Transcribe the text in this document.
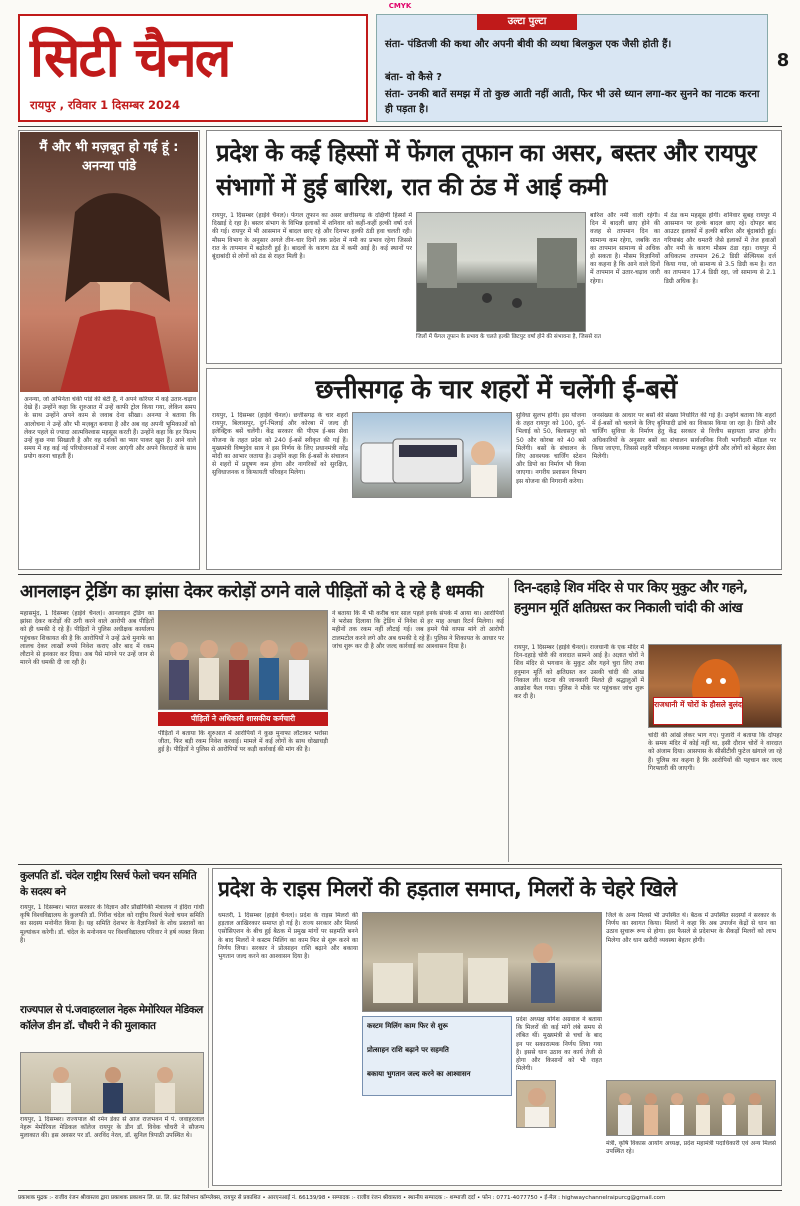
CMYK
सिटी चैनल
रायपुर , रविवार 1 दिसम्बर 2024
उल्टा पुल्टा
संता- पंडितजी की कथा और अपनी बीवी की व्यथा बिलकुल एक जैसी होती हैं।
बंता- वो कैसे ?
संता- उनकी बातें समझ में तो कुछ आती नहीं आती, फिर भी उसे ध्यान लगा-कर सुनने का नाटक करना ही पड़ता है।
8
मैं और भी मज़बूत हो गई हूं : अनन्या पांडे
अनन्या, जो अभिनेता चंकी पांडे की बेटी हैं, ने अपने करियर में कई उतार-चढ़ाव देखे हैं। उन्होंने कहा कि शुरुआत में उन्हें काफी ट्रोल किया गया, लेकिन समय के साथ उन्होंने अपने काम से जवाब देना सीखा। अनन्या ने बताया कि आलोचना ने उन्हें और भी मज़बूत बनाया है और अब वह अपनी भूमिकाओं को लेकर पहले से ज्यादा आत्मविश्वास महसूस करती हैं। उन्होंने कहा कि हर फिल्म उन्हें कुछ नया सिखाती है और वह दर्शकों का प्यार पाकर खुश हैं। आने वाले समय में वह कई नई परियोजनाओं में नजर आएंगी और अपने किरदारों के साथ प्रयोग करना चाहती हैं।
प्रदेश के कई हिस्सों में फेंगल तूफान का असर, बस्तर और रायपुर संभागों में हुई बारिश, रात की ठंड में आई कमी
रायपुर, 1 दिसम्बर (हाईवे चैनल)। फेंगल तूफान का असर छत्तीसगढ़ के दक्षिणी हिस्सों में दिखाई दे रहा है। बस्तर संभाग के विभिन्न इलाकों में शनिवार को कहीं-कहीं हल्की वर्षा दर्ज की गई। रायपुर में भी आसमान में बादल छाए रहे और दिनभर हल्की ठंडी हवा चलती रही। मौसम विभाग के अनुसार अगले तीन-चार दिनों तक प्रदेश में नमी का प्रभाव रहेगा जिससे रात के तापमान में बढ़ोतरी हुई है। बादलों के कारण ठंड में कमी आई है। कई स्थानों पर बूंदाबांदी से लोगों को ठंड से राहत मिली है।
बारिश और नमी वाली रहेगी। दिन में बादली छाए होने की वजह से तापमान दिन का सामान्य कम रहेगा, जबकि रात का तापमान सामान्य से अधिक हो सकता है। मौसम विज्ञानियों का कहना है कि आने वाले दिनों में तापमान में उतार-चढ़ाव जारी रहेगा।
में ठंड कम महसूस होगी। शनिवार सुबह रायपुर में आसमान पर हल्के बादल छाए रहे। दोपहर बाद आउटर इलाकों में हल्की बारिश और बूंदाबांदी हुई। गरियाबंद और धमतरी जैसे इलाकों में तेज हवाओं और नमी के कारण मौसम ठंडा रहा। रायपुर में अधिकतम तापमान 26.2 डिग्री सेल्सियस दर्ज किया गया, जो सामान्य से 3.5 डिग्री कम है। रात का तापमान 17.4 डिग्री रहा, जो सामान्य से 2.1 डिग्री अधिक है।
जिलों में फेंगल तूफान के प्रभाव के चलते हल्की छिटपुट वर्षा होने की संभावना है, जिससे रात
छत्तीसगढ़ के चार शहरों में चलेंगी ई-बसें
रायपुर, 1 दिसम्बर (हाईवे चैनल)। छत्तीसगढ़ के चार शहरों रायपुर, बिलासपुर, दुर्ग-भिलाई और कोरबा में जल्द ही इलेक्ट्रिक बसें चलेंगी। केंद्र सरकार की पीएम ई-बस सेवा योजना के तहत प्रदेश को 240 ई-बसें स्वीकृत की गई हैं। मुख्यमंत्री विष्णुदेव साय ने इस निर्णय के लिए प्रधानमंत्री नरेंद्र मोदी का आभार जताया है। उन्होंने कहा कि ई-बसों के संचालन से शहरों में प्रदूषण कम होगा और नागरिकों को सुरक्षित, सुविधाजनक व किफायती परिवहन मिलेगा।
सुविधा सुलभ होगी। इस योजना के तहत रायपुर को 100, दुर्ग-भिलाई को 50, बिलासपुर को 50 और कोरबा को 40 बसें मिलेंगी। बसों के संचालन के लिए आवश्यक चार्जिंग स्टेशन और डिपो का निर्माण भी किया जाएगा। नगरीय प्रशासन विभाग इस योजना की निगरानी करेगा।
जनसंख्या के आधार पर बसों की संख्या निर्धारित की गई है। उन्होंने बताया कि शहरों में ई-बसों को चलाने के लिए बुनियादी ढांचे का विकास किया जा रहा है। डिपो और चार्जिंग सुविधा के निर्माण हेतु केंद्र सरकार से वित्तीय सहायता प्राप्त होगी। अधिकारियों के अनुसार बसों का संचालन सार्वजनिक निजी भागीदारी मॉडल पर किया जाएगा, जिससे शहरी परिवहन व्यवस्था मजबूत होगी और लोगों को बेहतर सेवा मिलेगी।
आनलाइन ट्रेडिंग का झांसा देकर करोड़ों ठगने वाले पीड़ितों को दे रहे है धमकी
महासमुंद, 1 दिसम्बर (हाईवे चैनल)। आनलाइन ट्रेडिंग का झांसा देकर करोड़ों की ठगी करने वाले आरोपी अब पीड़ितों को ही धमकी दे रहे हैं। पीड़ितों ने पुलिस अधीक्षक कार्यालय पहुंचकर शिकायत की है कि आरोपियों ने उन्हें ऊंचे मुनाफे का लालच देकर लाखों रुपये निवेश कराए और बाद में रकम लौटाने से इनकार कर दिया। अब पैसे मांगने पर उन्हें जान से मारने की धमकी दी जा रही है।
पीड़ितों ने अधिकारी शासकीय कर्मचारी
पीड़ितों ने बताया कि शुरुआत में आरोपियों ने कुछ मुनाफा लौटाकर भरोसा जीता, फिर बड़ी रकम निवेश करवाई। मामले में कई लोगों के साथ धोखाधड़ी हुई है। पीड़ितों ने पुलिस से आरोपियों पर कड़ी कार्रवाई की मांग की है।
ने बताया कि मैं भी करीब चार साल पहले इनके संपर्क में आया था। आरोपियों ने भरोसा दिलाया कि ट्रेडिंग में निवेश से हर माह अच्छा रिटर्न मिलेगा। कई महीनों तक रकम नहीं लौटाई गई। जब हमने पैसे वापस मांगे तो आरोपी टालमटोल करने लगे और अब धमकी दे रहे हैं। पुलिस ने शिकायत के आधार पर जांच शुरू कर दी है और जल्द कार्रवाई का आश्वासन दिया है।
दिन-दहाड़े शिव मंदिर से पार किए मुकुट और गहने, हनुमान मूर्ति क्षतिग्रस्त कर निकाली चांदी की आंख
रायपुर, 1 दिसम्बर (हाईवे चैनल)। राजधानी के एक मंदिर में दिन-दहाड़े चोरी की वारदात सामने आई है। अज्ञात चोरों ने शिव मंदिर से भगवान के मुकुट और गहने चुरा लिए तथा हनुमान मूर्ति को क्षतिग्रस्त कर उसकी चांदी की आंख निकाल ली। घटना की जानकारी मिलते ही श्रद्धालुओं में आक्रोश फैल गया। पुलिस ने मौके पर पहुंचकर जांच शुरू कर दी है।
राजधानी में चोरों के हौसले बुलंद
चांदी की आंखें लेकर भाग गए। पुजारी ने बताया कि दोपहर के समय मंदिर में कोई नहीं था, इसी दौरान चोरों ने वारदात को अंजाम दिया। आसपास के सीसीटीवी फुटेज खंगाले जा रहे हैं। पुलिस का कहना है कि आरोपियों की पहचान कर जल्द गिरफ्तारी की जाएगी।
कुलपति डॉ. चंदेल राष्ट्रीय रिसर्च फेलो चयन समिति के सदस्य बने
रायपुर, 1 दिसम्बर। भारत सरकार के विज्ञान और प्रौद्योगिकी मंत्रालय ने इंदिरा गांधी कृषि विश्वविद्यालय के कुलपति डॉ. गिरीश चंदेल को राष्ट्रीय रिसर्च फेलो चयन समिति का सदस्य मनोनीत किया है। यह समिति देशभर के वैज्ञानिकों के शोध प्रस्तावों का मूल्यांकन करेगी। डॉ. चंदेल के मनोनयन पर विश्वविद्यालय परिवार ने हर्ष व्यक्त किया है।
राज्यपाल से पं.जवाहरलाल नेहरू मेमोरियल मेडिकल कॉलेज डीन डॉ. चौधरी ने की मुलाकात
रायपुर, 1 दिसम्बर। राज्यपाल श्री रमेन डेका से आज राजभवन में पं. जवाहरलाल नेहरू मेमोरियल मेडिकल कॉलेज रायपुर के डीन डॉ. विवेक चौधरी ने सौजन्य मुलाकात की। इस अवसर पर डॉ. अरविंद नेरल, डॉ. सुनिल त्रिपाठी उपस्थित थे।
प्रदेश के राइस मिलरों की हड़ताल समाप्त, मिलरों के चेहरे खिले
धमतरी, 1 दिसम्बर (हाईवे चैनल)। प्रदेश के राइस मिलरों की हड़ताल आखिरकार समाप्त हो गई है। राज्य सरकार और मिलर्स एसोसिएशन के बीच हुई बैठक में प्रमुख मांगों पर सहमति बनने के बाद मिलरों ने कस्टम मिलिंग का काम फिर से शुरू करने का निर्णय लिया। सरकार ने प्रोत्साहन राशि बढ़ाने और बकाया भुगतान जल्द करने का आश्वासन दिया है।
कस्टम मिलिंग काम फिर से शुरू
प्रोत्साहन राशि बढ़ाने पर सहमति
बकाया भुगतान जल्द करने का आश्वासन
प्रदेश अध्यक्ष योगेश अग्रवाल ने बताया कि मिलरों की कई मांगें लंबे समय से लंबित थीं। मुख्यमंत्री से चर्चा के बाद इन पर सकारात्मक निर्णय लिया गया है। इससे धान उठाव का कार्य तेजी से होगा और किसानों को भी राहत मिलेगी।
जिले के अन्य मिलर्स भी उपस्थित थे। बैठक में उपस्थित सदस्यों ने सरकार के निर्णय का स्वागत किया। मिलरों ने कहा कि अब उपार्जन केंद्रों से धान का उठाव सुचारू रूप से होगा। इस फैसले से प्रदेशभर के सैकड़ों मिलरों को लाभ मिलेगा और धान खरीदी व्यवस्था बेहतर होगी।
मंत्री, कृषि विकास आयोग अध्यक्ष, प्रदेश महामंत्री पदाधिकारी एवं अन्य मिलर्स उपस्थित रहे।
प्रकाशक मुद्रक :- राजीव रंजन श्रीवास्तव द्वारा प्रकाशक प्रकाशन लि. प्रा. लि. फ्रंट रिसेप्शन कॉम्प्लेक्स, रायपुर से प्रकाशित • आरएनआई नं. 66139/98 • सम्पादक :- राजीव रंजन श्रीवास्तव • स्थानीय सम्पादक :- शम्भाजी दर्दा • फोन : 0771-4077750 • ई-मेल : highwaychannelraipurcg@gmail.com
